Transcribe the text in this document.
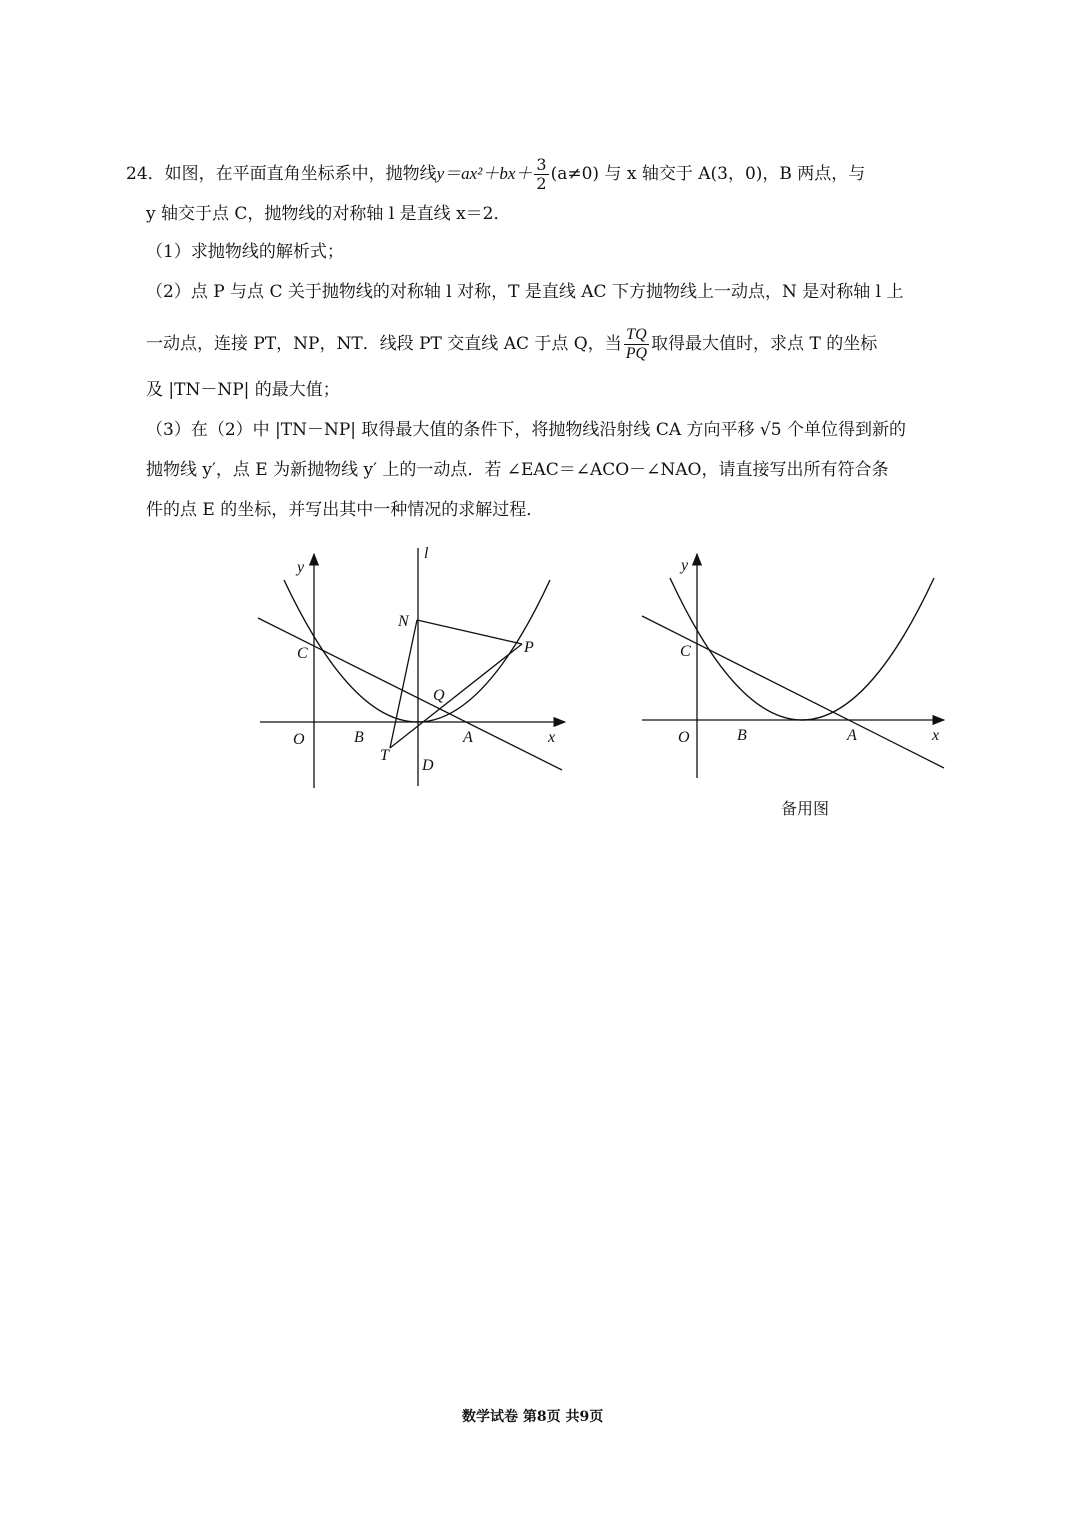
24．如图，在平面直角坐标系中，抛物线$y=ax^2+bx+ \frac{3}{2} (a\ne 0)$ 与 x 轴交于 A(3，0)，B 两点，与
y 轴交于点 C，抛物线的对称轴 l 是直线 x＝2．
（1）求抛物线的解析式；
（2）点 P 与点 C 关于抛物线的对称轴 l 对称，T 是直线 AC 下方抛物线上一动点，N 是对称轴 l 上
一动点，连接 PT，NP，NT．线段 PT 交直线 AC 于点 Q，当 $\frac{TQ}{PQ}$ 取得最大值时，求点 T 的坐标
及 |TN－NP| 的最大值；
（3）在（2）中 |TN－NP| 取得最大值的条件下，将抛物线沿射线 CA 方向平移 √5 个单位得到新的
抛物线 y′，点 E 为新抛物线 y′ 上的一动点．若 ∠EAC＝∠ACO－∠NAO，请直接写出所有符合条
件的点 E 的坐标，并写出其中一种情况的求解过程．
y
l
N
C	P
Q
O	B
T
A
D
x
y
C
O	B	A	x
备用图
数学试卷 第8页 共9页
